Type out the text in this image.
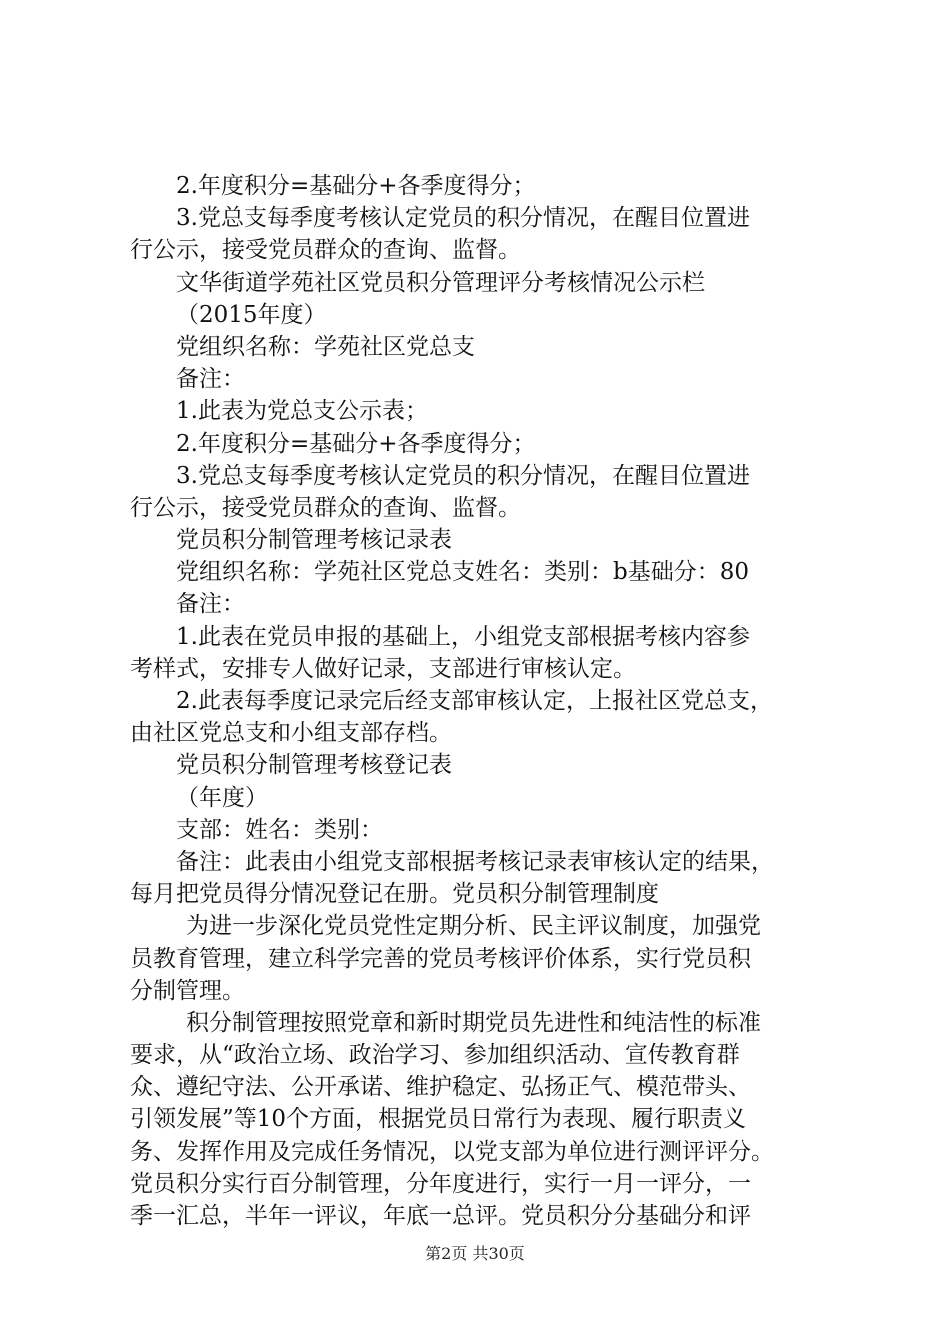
2.年度积分=基础分+各季度得分；
3.党总支每季度考核认定党员的积分情况，在醒目位置进
行公示，接受党员群众的查询、监督。
文华街道学苑社区党员积分管理评分考核情况公示栏
（2015年度）
党组织名称：学苑社区党总支
备注：
1.此表为党总支公示表；
2.年度积分=基础分+各季度得分；
3.党总支每季度考核认定党员的积分情况，在醒目位置进
行公示，接受党员群众的查询、监督。
党员积分制管理考核记录表
党组织名称：学苑社区党总支姓名：类别：b基础分：80
备注：
1.此表在党员申报的基础上，小组党支部根据考核内容参
考样式，安排专人做好记录，支部进行审核认定。
2.此表每季度记录完后经支部审核认定，上报社区党总支，
由社区党总支和小组支部存档。
党员积分制管理考核登记表
（年度）
支部：姓名：类别：
备注：此表由小组党支部根据考核记录表审核认定的结果，
每月把党员得分情况登记在册。党员积分制管理制度
为进一步深化党员党性定期分析、民主评议制度，加强党
员教育管理，建立科学完善的党员考核评价体系，实行党员积
分制管理。
积分制管理按照党章和新时期党员先进性和纯洁性的标准
要求，从“政治立场、政治学习、参加组织活动、宣传教育群
众、遵纪守法、公开承诺、维护稳定、弘扬正气、模范带头、
引领发展”等10个方面，根据党员日常行为表现、履行职责义
务、发挥作用及完成任务情况，以党支部为单位进行测评评分。
党员积分实行百分制管理，分年度进行，实行一月一评分，一
季一汇总，半年一评议，年底一总评。党员积分分基础分和评
第2页 共30页
